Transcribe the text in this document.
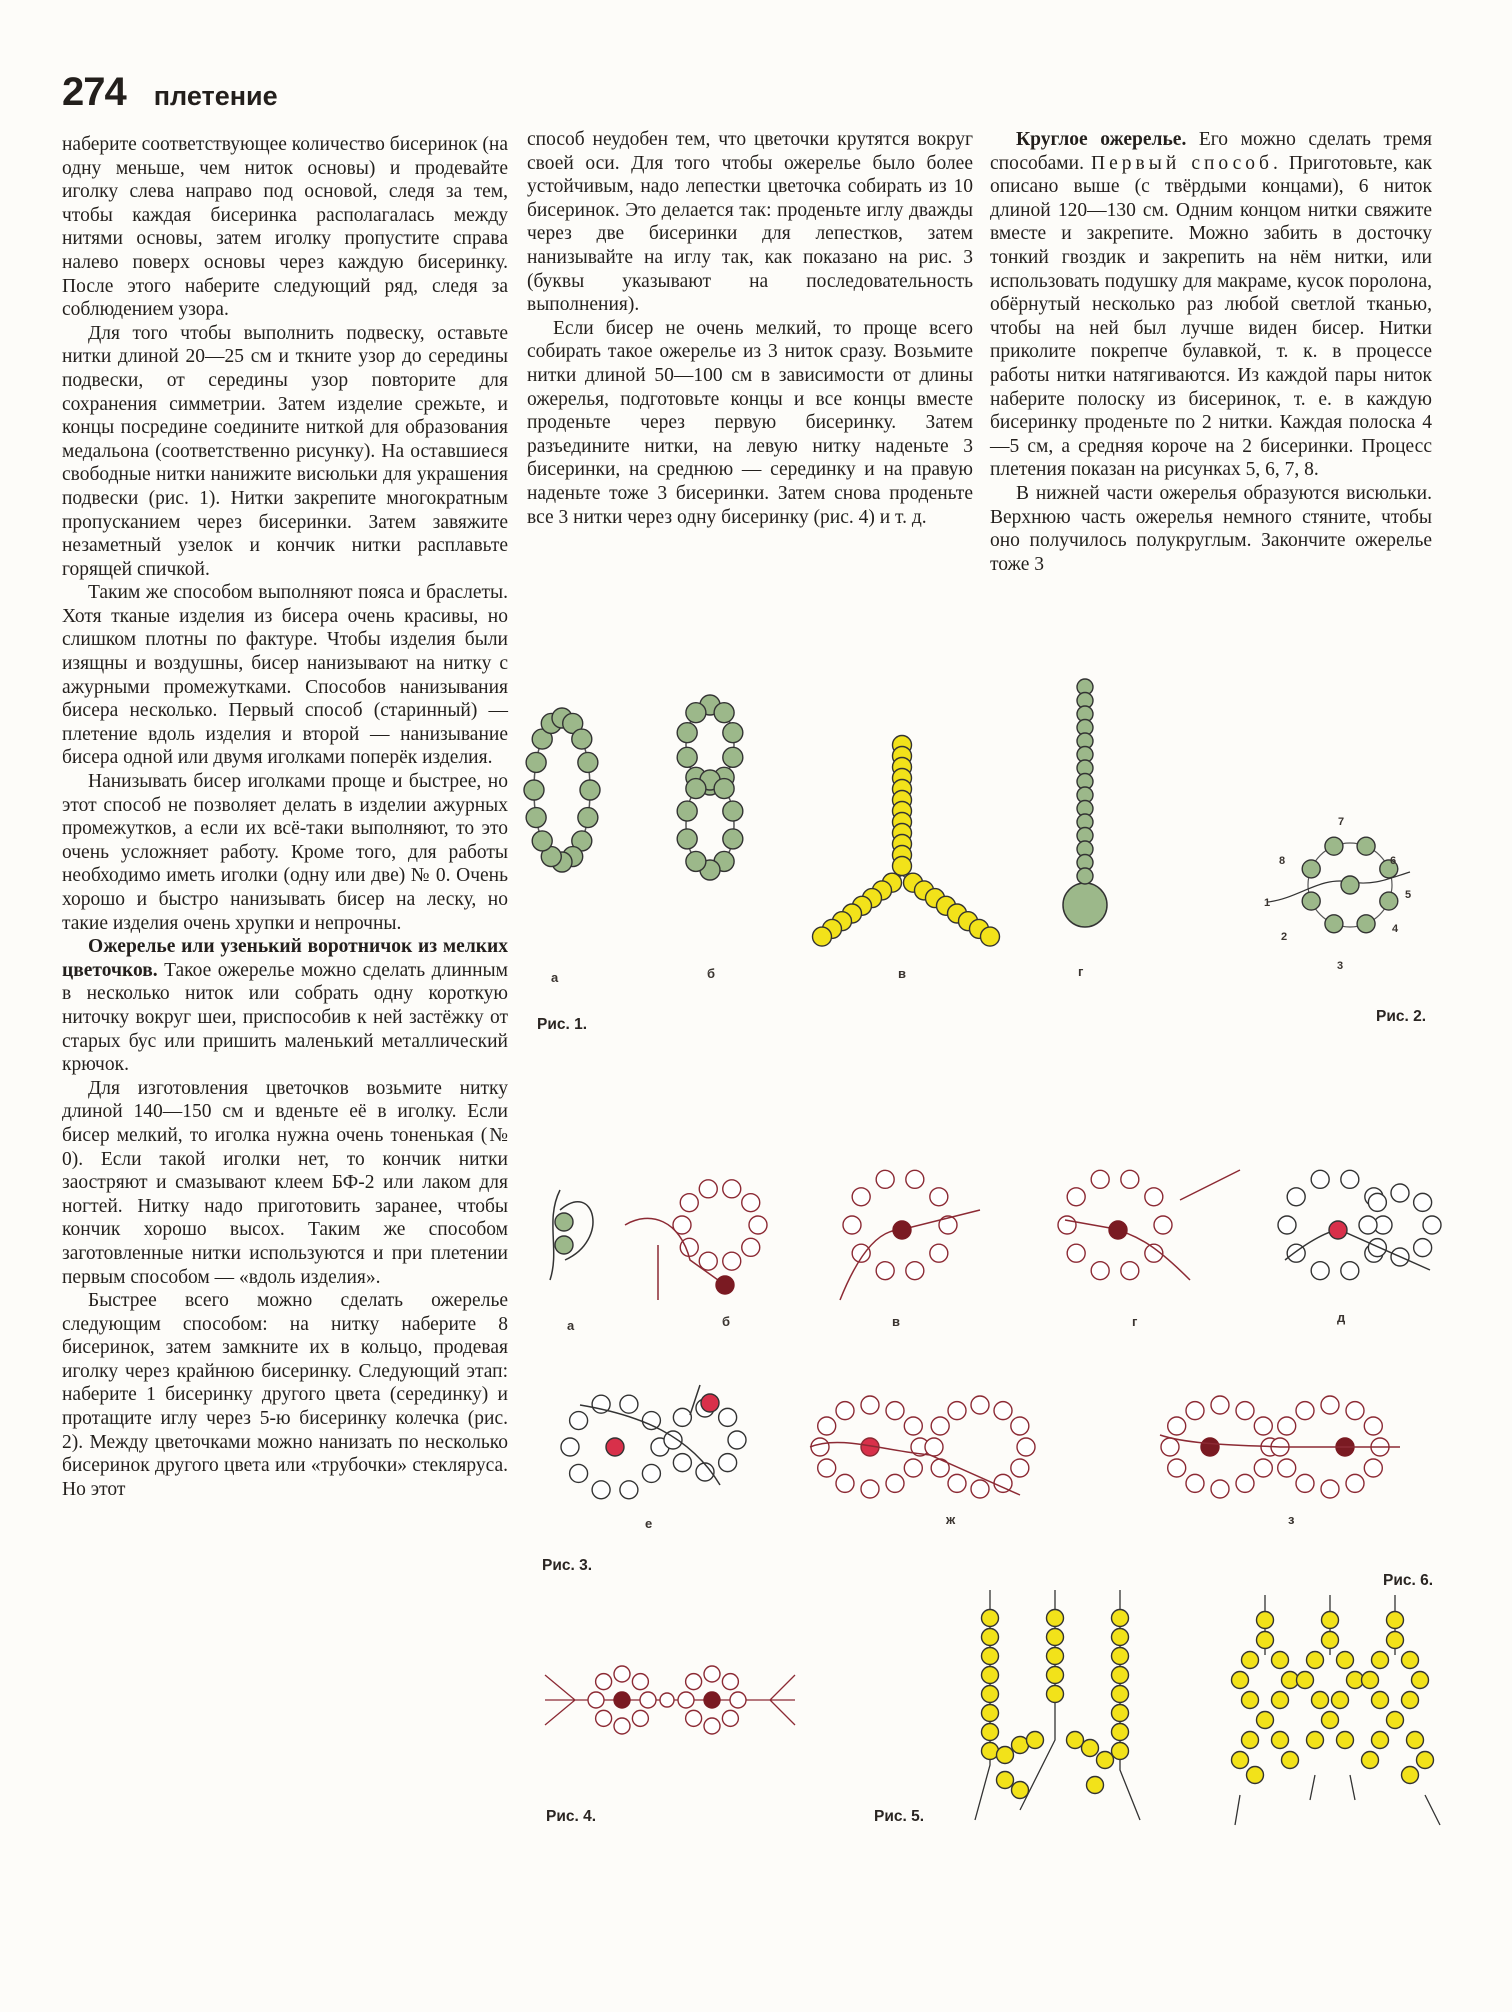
274 плетение

наберите соответствующее количество бисеринок (на одну меньше, чем ниток основы) и продевайте иголку слева направо под основой, следя за тем, чтобы каждая бисеринка располагалась между нитями основы, затем иголку пропустите справа налево поверх основы через каждую бисеринку. После этого наберите следующий ряд, следя за соблюдением узора.

Для того чтобы выполнить подвеску, оставьте нитки длиной 20—25 см и ткните узор до середины подвески, от середины узор повторите для сохранения симметрии. Затем изделие срежьте, и концы посредине соедините ниткой для образования медальона (соответственно рисунку). На оставшиеся свободные нитки нанижите висюльки для украшения подвески (рис. 1). Нитки закрепите многократным пропусканием через бисеринки. Затем завяжите незаметный узелок и кончик нитки расплавьте горящей спичкой.

Таким же способом выполняют пояса и браслеты. Хотя тканые изделия из бисера очень красивы, но слишком плотны по фактуре. Чтобы изделия были изящны и воздушны, бисер нанизывают на нитку с ажурными промежутками. Способов нанизывания бисера несколько. Первый способ (старинный) — плетение вдоль изделия и второй — нанизывание бисера одной или двумя иголками поперёк изделия.

Нанизывать бисер иголками проще и быстрее, но этот способ не позволяет делать в изделии ажурных промежутков, а если их всё-таки выполняют, то это очень усложняет работу. Кроме того, для работы необходимо иметь иголки (одну или две) № 0. Очень хорошо и быстро нанизывать бисер на леску, но такие изделия очень хрупки и непрочны.

Ожерелье или узенький воротничок из мелких цветочков. Такое ожерелье можно сделать длинным в несколько ниток или собрать одну короткую ниточку вокруг шеи, приспособив к ней застёжку от старых бус или пришить маленький металлический крючок.

Для изготовления цветочков возьмите нитку длиной 140—150 см и вденьте её в иголку. Если бисер мелкий, то иголка нужна очень тоненькая (№ 0). Если такой иголки нет, то кончик нитки заостряют и смазывают клеем БФ-2 или лаком для ногтей. Нитку надо приготовить заранее, чтобы кончик хорошо высох. Таким же способом заготовленные нитки используются и при плетении первым способом — «вдоль изделия».

Быстрее всего можно сделать ожерелье следующим способом: на нитку наберите 8 бисеринок, затем замкните их в кольцо, продевая иголку через крайнюю бисеринку. Следующий этап: наберите 1 бисеринку другого цвета (серединку) и протащите иглу через 5-ю бисеринку колечка (рис. 2). Между цветочками можно нанизать по несколько бисеринок другого цвета или «трубочки» стекляруса. Но этот

способ неудобен тем, что цветочки крутятся вокруг своей оси. Для того чтобы ожерелье было более устойчивым, надо лепестки цветочка собирать из 10 бисеринок. Это делается так: проденьте иглу дважды через две бисеринки для лепестков, затем нанизывайте на иглу так, как показано на рис. 3 (буквы указывают на последовательность выполнения).

Если бисер не очень мелкий, то проще всего собирать такое ожерелье из 3 ниток сразу. Возьмите нитки длиной 50—100 см в зависимости от длины ожерелья, подготовьте концы и все концы вместе проденьте через первую бисеринку. Затем разъедините нитки, на левую нитку наденьте 3 бисеринки, на среднюю — серединку и на правую наденьте тоже 3 бисеринки. Затем снова проденьте все 3 нитки через одну бисеринку (рис. 4) и т. д.

Круглое ожерелье. Его можно сделать тремя способами. Первый способ. Приготовьте, как описано выше (с твёрдыми концами), 6 ниток длиной 120—130 см. Одним концом нитки свяжите вместе и закрепите. Можно забить в досточку тонкий гвоздик и закрепить на нём нитки, или использовать подушку для макраме, кусок поролона, обёрнутый несколько раз любой светлой тканью, чтобы на ней был лучше виден бисер. Нитки приколите покрепче булавкой, т. к. в процессе работы нитки натягиваются. Из каждой пары ниток наберите полоску из бисеринок, т. е. в каждую бисеринку проденьте по 2 нитки. Каждая полоска 4—5 см, а средняя короче на 2 бисеринки. Процесс плетения показан на рисунках 5, 6, 7, 8.

В нижней части ожерелья образуются висюльки. Верхнюю часть ожерелья немного стяните, чтобы оно получилось полукруглым. Закончите ожерелье тоже 3

а	б	в	г
Рис. 1.
7
8	6
5
1
2
4
3
Рис. 2.
а	б	в	г	д
е	ж	з
Рис. 3.
Рис. 6.
Рис. 4.	Рис. 5.
